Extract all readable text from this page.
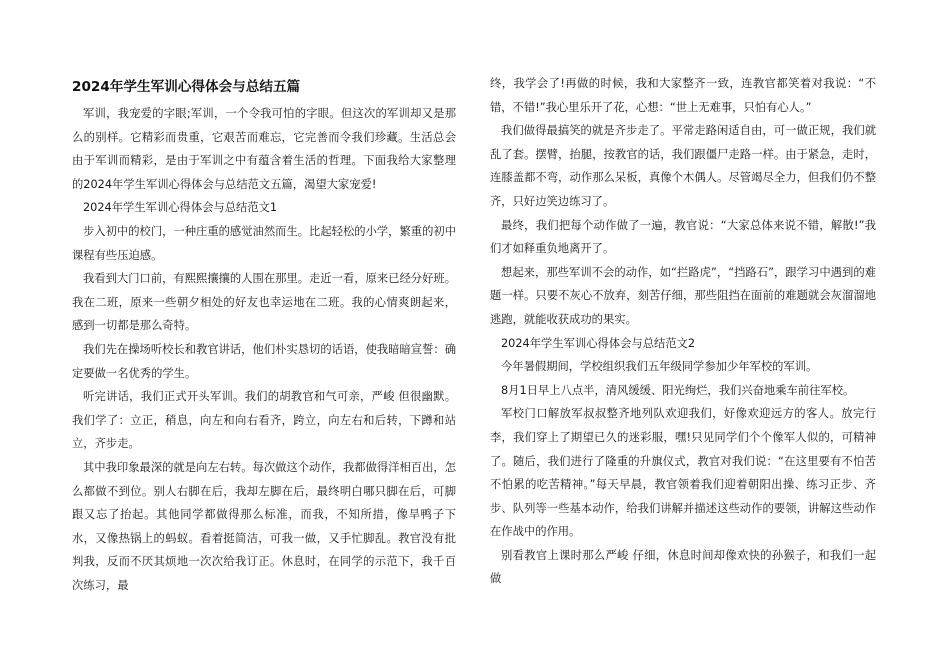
2024年学生军训心得体会与总结五篇

军训，我宠爱的字眼;军训，一个令我可怕的字眼。但这次的军训却又是那么的别样。它精彩而贵重，它艰苦而难忘，它完善而令我们珍藏。生活总会由于军训而精彩，是由于军训之中有蕴含着生活的哲理。下面我给大家整理的2024年学生军训心得体会与总结范文五篇，渴望大家宠爱!

2024年学生军训心得体会与总结范文1

步入初中的校门，一种庄重的感觉油然而生。比起轻松的小学，繁重的初中课程有些压迫感。

我看到大门口前，有熙熙攘攘的人围在那里。走近一看，原来已经分好班。我在二班，原来一些朝夕相处的好友也幸运地在二班。我的心情爽朗起来，感到一切都是那么奇特。

我们先在操场听校长和教官讲话，他们朴实恳切的话语，使我暗暗宣誓：确定要做一名优秀的学生。

听完讲话，我们正式开头军训。我们的胡教官和气可亲，严峻 但很幽默。我们学了：立正，稍息，向左和向右看齐，跨立，向左右和后转，下蹲和站立，齐步走。

其中我印象最深的就是向左右转。每次做这个动作，我都做得洋相百出，怎么都做不到位。别人右脚在后，我却左脚在后，最终明白哪只脚在后，可脚跟又忘了抬起。其他同学都做得那么标准，而我，不知所措，像旱鸭子下水，又像热锅上的蚂蚁。看着挺简洁，可我一做，又手忙脚乱。教官没有批判我，反而不厌其烦地一次次给我订正。休息时，在同学的示范下，我千百次练习，最

终，我学会了!再做的时候，我和大家整齐一致，连教官都笑着对我说：“不错，不错!”我心里乐开了花，心想：“世上无难事，只怕有心人。”

我们做得最搞笑的就是齐步走了。平常走路闲适自由，可一做正规，我们就乱了套。摆臂，抬腿，按教官的话，我们跟僵尸走路一样。由于紧急，走时，连膝盖都不弯，动作那么呆板，真像个木偶人。尽管竭尽全力，但我们仍不整齐，只好边笑边练习了。

最终，我们把每个动作做了一遍，教官说：“大家总体来说不错，解散!”我们才如释重负地离开了。

想起来，那些军训不会的动作，如“拦路虎”，“挡路石”，跟学习中遇到的难题一样。只要不灰心不放弃，刻苦仔细，那些阻挡在面前的难题就会灰溜溜地逃跑，就能收获成功的果实。

2024年学生军训心得体会与总结范文2

今年暑假期间，学校组织我们五年级同学参加少年军校的军训。

8月1日早上八点半，清风缓缓、阳光绚烂，我们兴奋地乘车前往军校。

军校门口解放军叔叔整齐地列队欢迎我们，好像欢迎远方的客人。放完行李，我们穿上了期望已久的迷彩服，嘿!只见同学们个个像军人似的，可精神了。随后，我们进行了隆重的升旗仪式，教官对我们说：“在这里要有不怕苦不怕累的吃苦精神。”每天早晨，教官领着我们迎着朝阳出操、练习正步、齐步、队列等一些基本动作，给我们讲解并描述这些动作的要领，讲解这些动作在作战中的作用。

别看教官上课时那么严峻 仔细，休息时间却像欢快的孙猴子，和我们一起做
